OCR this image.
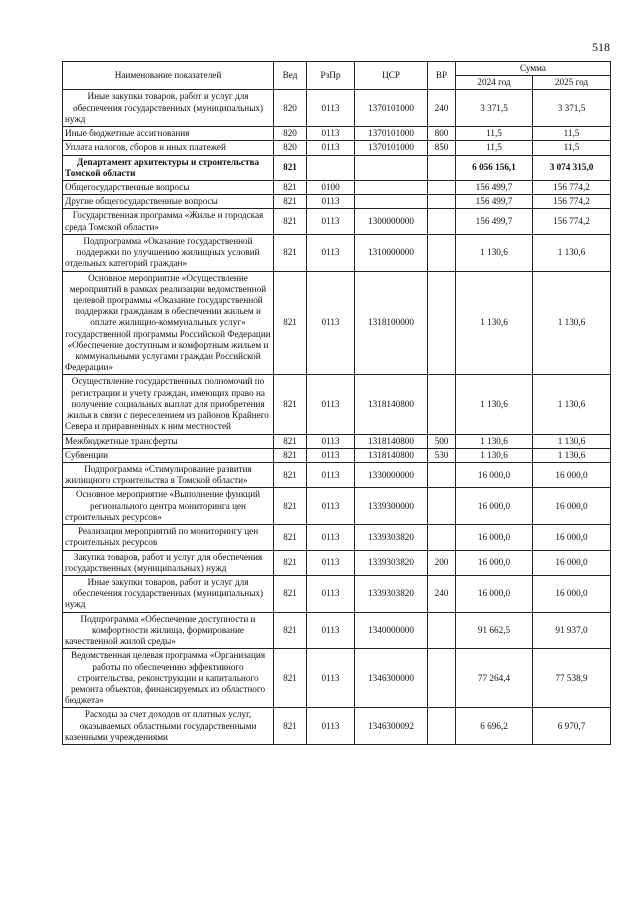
518
Наименование показателей	Вед	РзПр	ЦСР	ВР	Сумма	
					2024 год	2025 год
Иные закупки товаров, работ и услуг для обеспечения государственных (муниципальных) нужд	820	0113	1370101000	240	3 371,5	3 371,5
Иные бюджетные ассигнования	820	0113	1370101000	800	11,5	11,5
Уплата налогов, сборов и иных платежей	820	0113	1370101000	850	11,5	11,5
Департамент архитектуры и строительства Томской области	821				6 056 156,1	3 074 315,0
Общегосударственные вопросы	821	0100			156 499,7	156 774,2
Другие общегосударственные вопросы	821	0113			156 499,7	156 774,2
Государственная программа «Жилье и городская среда Томской области»	821	0113	1300000000		156 499,7	156 774,2
Подпрограмма «Оказание государственной поддержки по улучшению жилищных условий отдельных категорий граждан»	821	0113	1310000000		1 130,6	1 130,6
Основное мероприятие «Осуществление мероприятий в рамках реализации ведомственной целевой программы «Оказание государственной поддержки гражданам в обеспечении жильем и оплате жилищно-коммунальных услуг» государственной программы Российской Федерации «Обеспечение доступным и комфортным жильем и коммунальными услугами граждан Российской Федерации»	821	0113	1318100000		1 130,6	1 130,6
Осуществление государственных полномочий по регистрации и учету граждан, имеющих право на получение социальных выплат для приобретения жилья в связи с переселением из районов Крайнего Севера и приравненных к ним местностей	821	0113	1318140800		1 130,6	1 130,6
Межбюджетные трансферты	821	0113	1318140800	500	1 130,6	1 130,6
Субвенции	821	0113	1318140800	530	1 130,6	1 130,6
Подпрограмма «Стимулирование развития жилищного строительства в Томской области»	821	0113	1330000000		16 000,0	16 000,0
Основное мероприятие «Выполнение функций регионального центра мониторинга цен строительных ресурсов»	821	0113	1339300000		16 000,0	16 000,0
Реализация мероприятий по мониторингу цен строительных ресурсов	821	0113	1339303820		16 000,0	16 000,0
Закупка товаров, работ и услуг для обеспечения государственных (муниципальных) нужд	821	0113	1339303820	200	16 000,0	16 000,0
Иные закупки товаров, работ и услуг для обеспечения государственных (муниципальных) нужд	821	0113	1339303820	240	16 000,0	16 000,0
Подпрограмма «Обеспечение доступности и комфортности жилища, формирование качественной жилой среды»	821	0113	1340000000		91 662,5	91 937,0
Ведомственная целевая программа «Организация работы по обеспечению эффективного строительства, реконструкции и капитального ремонта объектов, финансируемых из областного бюджета»	821	0113	1346300000		77 264,4	77 538,9
Расходы за счет доходов от платных услуг, оказываемых областными государственными казенными учреждениями	821	0113	1346300092		6 696,2	6 970,7
